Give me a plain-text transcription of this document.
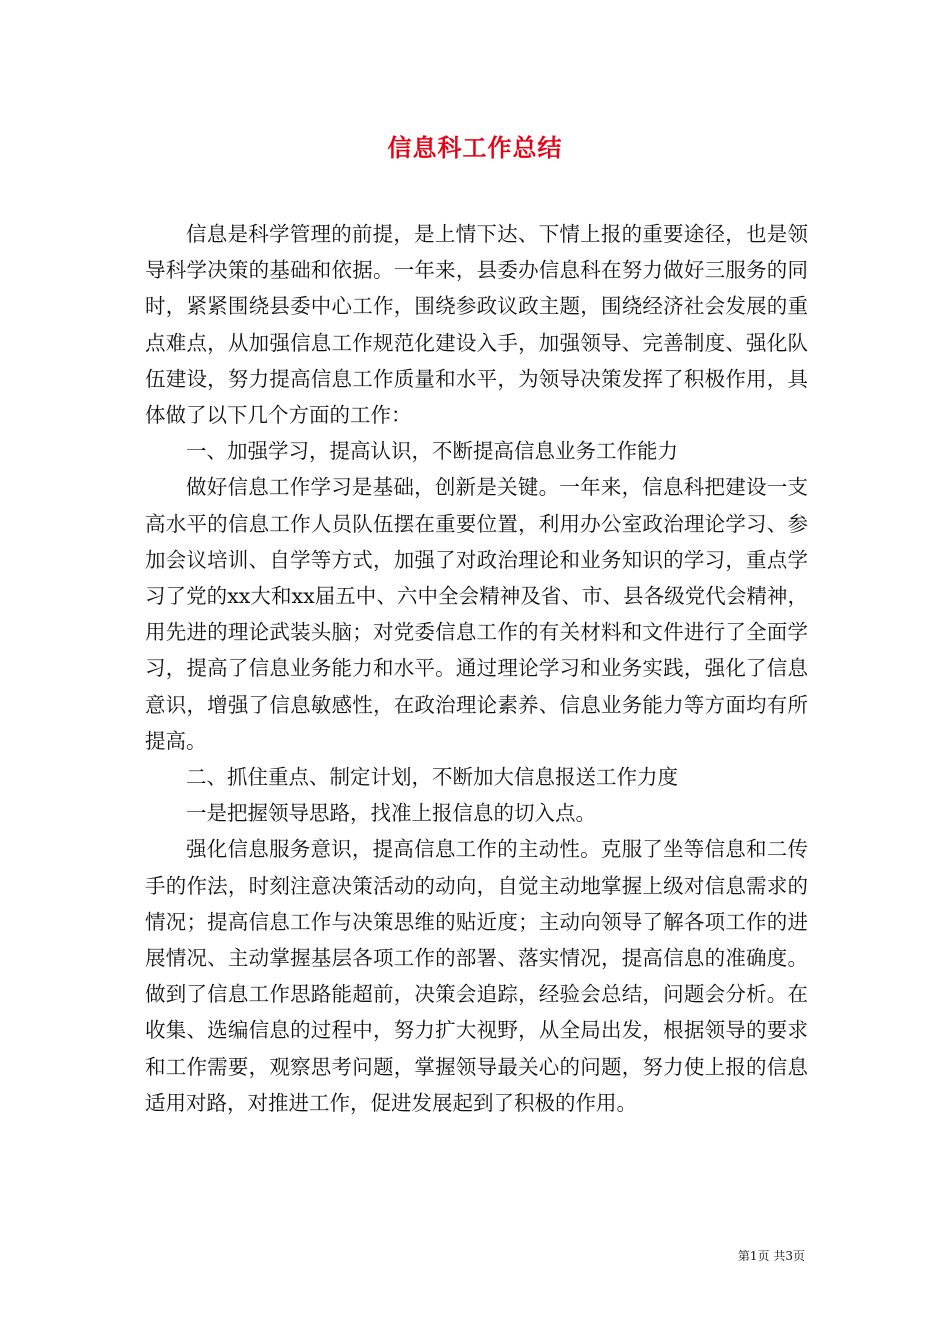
信息科工作总结

信息是科学管理的前提，是上情下达、下情上报的重要途径，也是领导科学决策的基础和依据。一年来，县委办信息科在努力做好三服务的同时，紧紧围绕县委中心工作，围绕参政议政主题，围绕经济社会发展的重点难点，从加强信息工作规范化建设入手，加强领导、完善制度、强化队伍建设，努力提高信息工作质量和水平，为领导决策发挥了积极作用，具体做了以下几个方面的工作：

一、加强学习，提高认识，不断提高信息业务工作能力

做好信息工作学习是基础，创新是关键。一年来，信息科把建设一支高水平的信息工作人员队伍摆在重要位置，利用办公室政治理论学习、参加会议培训、自学等方式，加强了对政治理论和业务知识的学习，重点学习了党的xx大和xx届五中、六中全会精神及省、市、县各级党代会精神，用先进的理论武装头脑；对党委信息工作的有关材料和文件进行了全面学习，提高了信息业务能力和水平。通过理论学习和业务实践，强化了信息意识，增强了信息敏感性，在政治理论素养、信息业务能力等方面均有所提高。

二、抓住重点、制定计划，不断加大信息报送工作力度

一是把握领导思路，找准上报信息的切入点。

强化信息服务意识，提高信息工作的主动性。克服了坐等信息和二传手的作法，时刻注意决策活动的动向，自觉主动地掌握上级对信息需求的情况；提高信息工作与决策思维的贴近度；主动向领导了解各项工作的进展情况、主动掌握基层各项工作的部署、落实情况，提高信息的准确度。做到了信息工作思路能超前，决策会追踪，经验会总结，问题会分析。在收集、选编信息的过程中，努力扩大视野，从全局出发，根据领导的要求和工作需要，观察思考问题，掌握领导最关心的问题，努力使上报的信息适用对路，对推进工作，促进发展起到了积极的作用。

第1页 共3页
